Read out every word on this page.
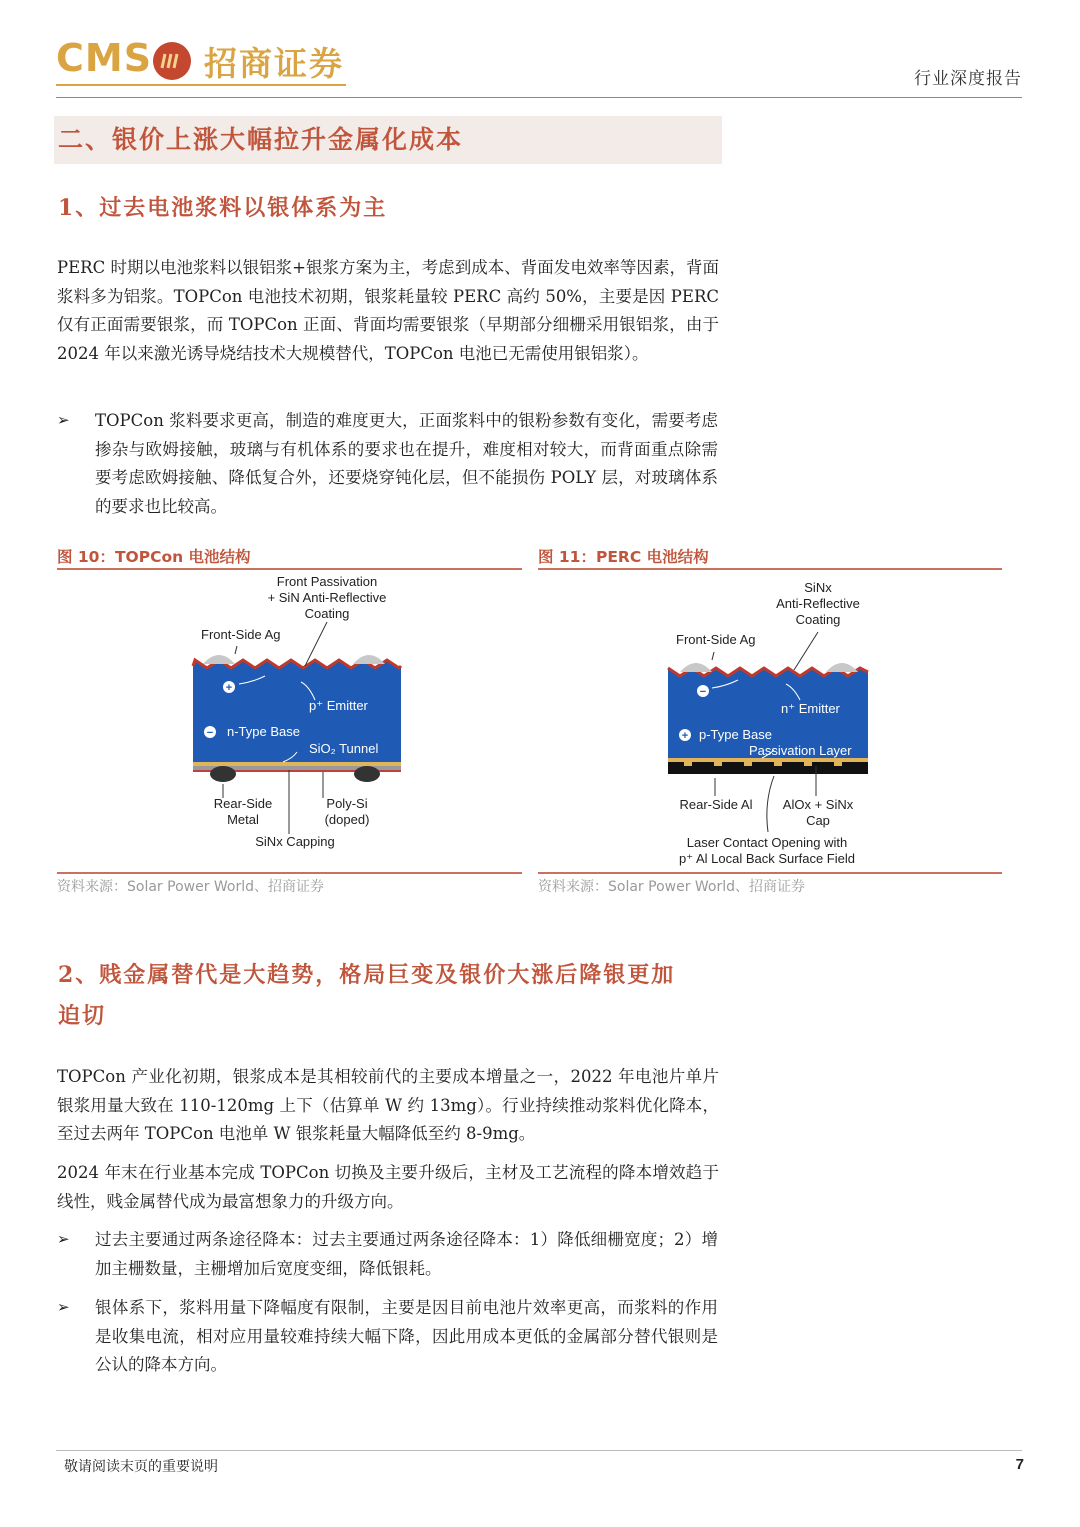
CMS 招商证券	行业深度报告
二、银价上涨大幅拉升金属化成本
1、过去电池浆料以银体系为主
PERC 时期以电池浆料以银铝浆+银浆方案为主，考虑到成本、背面发电效率等因素，背面浆料多为铝浆。TOPCon 电池技术初期，银浆耗量较 PERC 高约 50%，主要是因 PERC 仅有正面需要银浆，而 TOPCon 正面、背面均需要银浆（早期部分细栅采用银铝浆，由于 2024 年以来激光诱导烧结技术大规模替代，TOPCon 电池已无需使用银铝浆）。
➢ TOPCon 浆料要求更高，制造的难度更大，正面浆料中的银粉参数有变化，需要考虑掺杂与欧姆接触，玻璃与有机体系的要求也在提升，难度相对较大，而背面重点除需要考虑欧姆接触、降低复合外，还要烧穿钝化层，但不能损伤 POLY 层，对玻璃体系的要求也比较高。
图 10：TOPCon 电池结构	图 11：PERC 电池结构
+
−
Front Passivation
+ SiN Anti-Reflective
Coating
Front-Side Ag
p⁺ Emitter
n-Type Base
SiO₂ Tunnel
Rear-Side
Metal
Poly-Si
(doped)
SiNx Capping
−
+
SiNx
Anti-Reflective
Coating
Front-Side Ag
n⁺ Emitter
p-Type Base
Passivation Layer
Rear-Side Al AlOx + SiNx
Cap
Laser Contact Opening with
p⁺ Al Local Back Surface Field
资料来源：Solar Power World、招商证券	资料来源：Solar Power World、招商证券
2、贱金属替代是大趋势，格局巨变及银价大涨后降银更加
迫切
TOPCon 产业化初期，银浆成本是其相较前代的主要成本增量之一，2022 年电池片单片银浆用量大致在 110-120mg 上下（估算单 W 约 13mg）。行业持续推动浆料优化降本，至过去两年 TOPCon 电池单 W 银浆耗量大幅降低至约 8-9mg。
2024 年末在行业基本完成 TOPCon 切换及主要升级后，主材及工艺流程的降本增效趋于线性，贱金属替代成为最富想象力的升级方向。
➢ 过去主要通过两条途径降本：过去主要通过两条途径降本：1）降低细栅宽度；2）增加主栅数量，主栅增加后宽度变细，降低银耗。
➢ 银体系下，浆料用量下降幅度有限制，主要是因目前电池片效率更高，而浆料的作用是收集电流，相对应用量较难持续大幅下降，因此用成本更低的金属部分替代银则是公认的降本方向。
敬请阅读末页的重要说明	7
